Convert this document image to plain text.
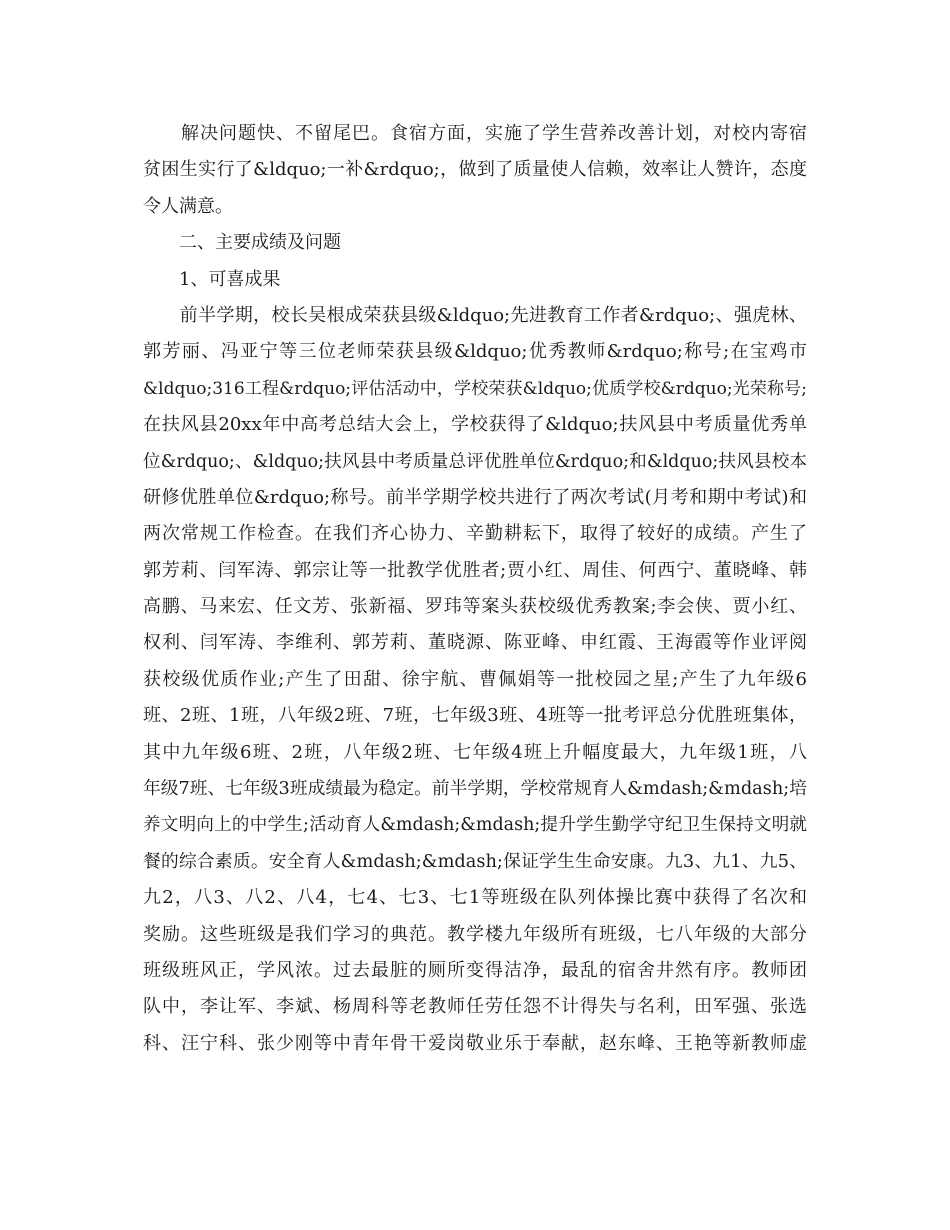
　　解决问题快、不留尾巴。食宿方面，实施了学生营养改善计划，对校内寄宿
贫困生实行了&ldquo;一补&rdquo;，做到了质量使人信赖，效率让人赞许，态度
令人满意。
　　二、主要成绩及问题
　　1、可喜成果
　　前半学期，校长吴根成荣获县级&ldquo;先进教育工作者&rdquo;、强虎林、
郭芳丽、冯亚宁等三位老师荣获县级&ldquo;优秀教师&rdquo;称号;在宝鸡市
&ldquo;316工程&rdquo;评估活动中，学校荣获&ldquo;优质学校&rdquo;光荣称号;
在扶风县20xx年中高考总结大会上，学校获得了&ldquo;扶风县中考质量优秀单
位&rdquo;、&ldquo;扶风县中考质量总评优胜单位&rdquo;和&ldquo;扶风县校本
研修优胜单位&rdquo;称号。前半学期学校共进行了两次考试(月考和期中考试)和
两次常规工作检查。在我们齐心协力、辛勤耕耘下，取得了较好的成绩。产生了
郭芳莉、闫军涛、郭宗让等一批教学优胜者;贾小红、周佳、何西宁、董晓峰、韩
高鹏、马来宏、任文芳、张新福、罗玮等案头获校级优秀教案;李会侠、贾小红、
权利、闫军涛、李维利、郭芳莉、董晓源、陈亚峰、申红霞、王海霞等作业评阅
获校级优质作业;产生了田甜、徐宇航、曹佩娟等一批校园之星;产生了九年级6
班、2班、1班，八年级2班、7班，七年级3班、4班等一批考评总分优胜班集体，
其中九年级6班、2班，八年级2班、七年级4班上升幅度最大，九年级1班，八
年级7班、七年级3班成绩最为稳定。前半学期，学校常规育人&mdash;&mdash;培
养文明向上的中学生;活动育人&mdash;&mdash;提升学生勤学守纪卫生保持文明就
餐的综合素质。安全育人&mdash;&mdash;保证学生生命安康。九3、九1、九5、
九2，八3、八2、八4，七4、七3、七1等班级在队列体操比赛中获得了名次和
奖励。这些班级是我们学习的典范。教学楼九年级所有班级，七八年级的大部分
班级班风正，学风浓。过去最脏的厕所变得洁净，最乱的宿舍井然有序。教师团
队中，李让军、李斌、杨周科等老教师任劳任怨不计得失与名利，田军强、张选
科、汪宁科、张少刚等中青年骨干爱岗敬业乐于奉献，赵东峰、王艳等新教师虚
